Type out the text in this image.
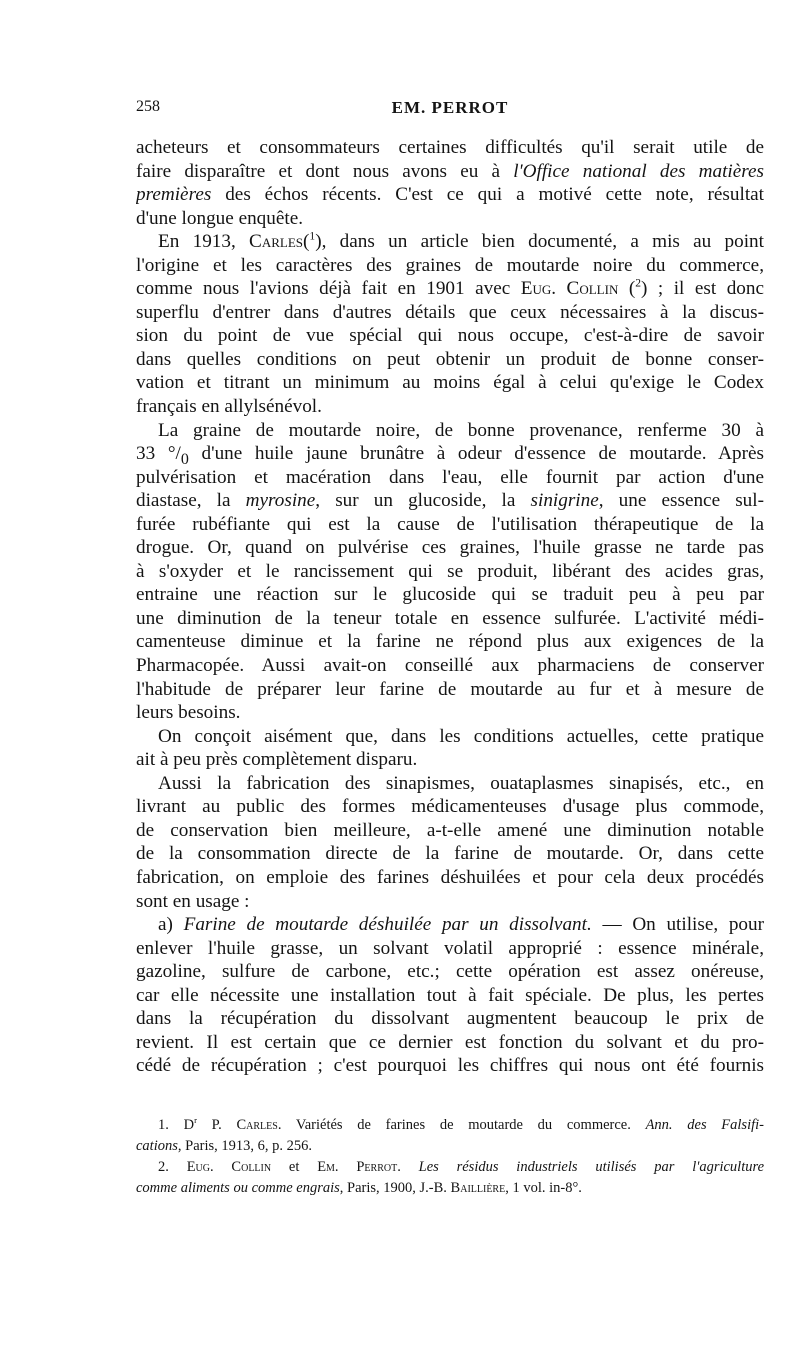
258	EM. PERROT
acheteurs et consommateurs certaines difficultés qu'il serait utile de
faire disparaître et dont nous avons eu à l'Office national des matières
premières des échos récents. C'est ce qui a motivé cette note, résultat
d'une longue enquête.
En 1913, Carles($^1$), dans un article bien documenté, a mis au point
l'origine et les caractères des graines de moutarde noire du commerce,
comme nous l'avions déjà fait en 1901 avec Eug. Collin ($^2$) ; il est donc
superflu d'entrer dans d'autres détails que ceux nécessaires à la discus-
sion du point de vue spécial qui nous occupe, c'est-à-dire de savoir
dans quelles conditions on peut obtenir un produit de bonne conser-
vation et titrant un minimum au moins égal à celui qu'exige le Codex
français en allylsénévol.
La graine de moutarde noire, de bonne provenance, renferme 30 à
33 $^\circ/_0$ d'une huile jaune brunâtre à odeur d'essence de moutarde. Après
pulvérisation et macération dans l'eau, elle fournit par action d'une
diastase, la myrosine, sur un glucoside, la sinigrine, une essence sul-
furée rubéfiante qui est la cause de l'utilisation thérapeutique de la
drogue. Or, quand on pulvérise ces graines, l'huile grasse ne tarde pas
à s'oxyder et le rancissement qui se produit, libérant des acides gras,
entraine une réaction sur le glucoside qui se traduit peu à peu par
une diminution de la teneur totale en essence sulfurée. L'activité médi-
camenteuse diminue et la farine ne répond plus aux exigences de la
Pharmacopée. Aussi avait-on conseillé aux pharmaciens de conserver
l'habitude de préparer leur farine de moutarde au fur et à mesure de
leurs besoins.
On conçoit aisément que, dans les conditions actuelles, cette pratique
ait à peu près complètement disparu.
Aussi la fabrication des sinapismes, ouataplasmes sinapisés, etc., en
livrant au public des formes médicamenteuses d'usage plus commode,
de conservation bien meilleure, a-t-elle amené une diminution notable
de la consommation directe de la farine de moutarde. Or, dans cette
fabrication, on emploie des farines déshuilées et pour cela deux procédés
sont en usage :
a) Farine de moutarde déshuilée par un dissolvant. — On utilise, pour
enlever l'huile grasse, un solvant volatil approprié : essence minérale,
gazoline, sulfure de carbone, etc.; cette opération est assez onéreuse,
car elle nécessite une installation tout à fait spéciale. De plus, les pertes
dans la récupération du dissolvant augmentent beaucoup le prix de
revient. Il est certain que ce dernier est fonction du solvant et du pro-
cédé de récupération ; c'est pourquoi les chiffres qui nous ont été fournis
1. $D^r$ P. Carles. Variétés de farines de moutarde du commerce. Ann. des Falsifi-
cations, Paris, 1913, 6, p. 256.
2. Eug. Collin et Em. Perrot. Les résidus industriels utilisés par l'agriculture
comme aliments ou comme engrais, Paris, 1900, J.-B. Baillière, 1 vol. in-8°.
